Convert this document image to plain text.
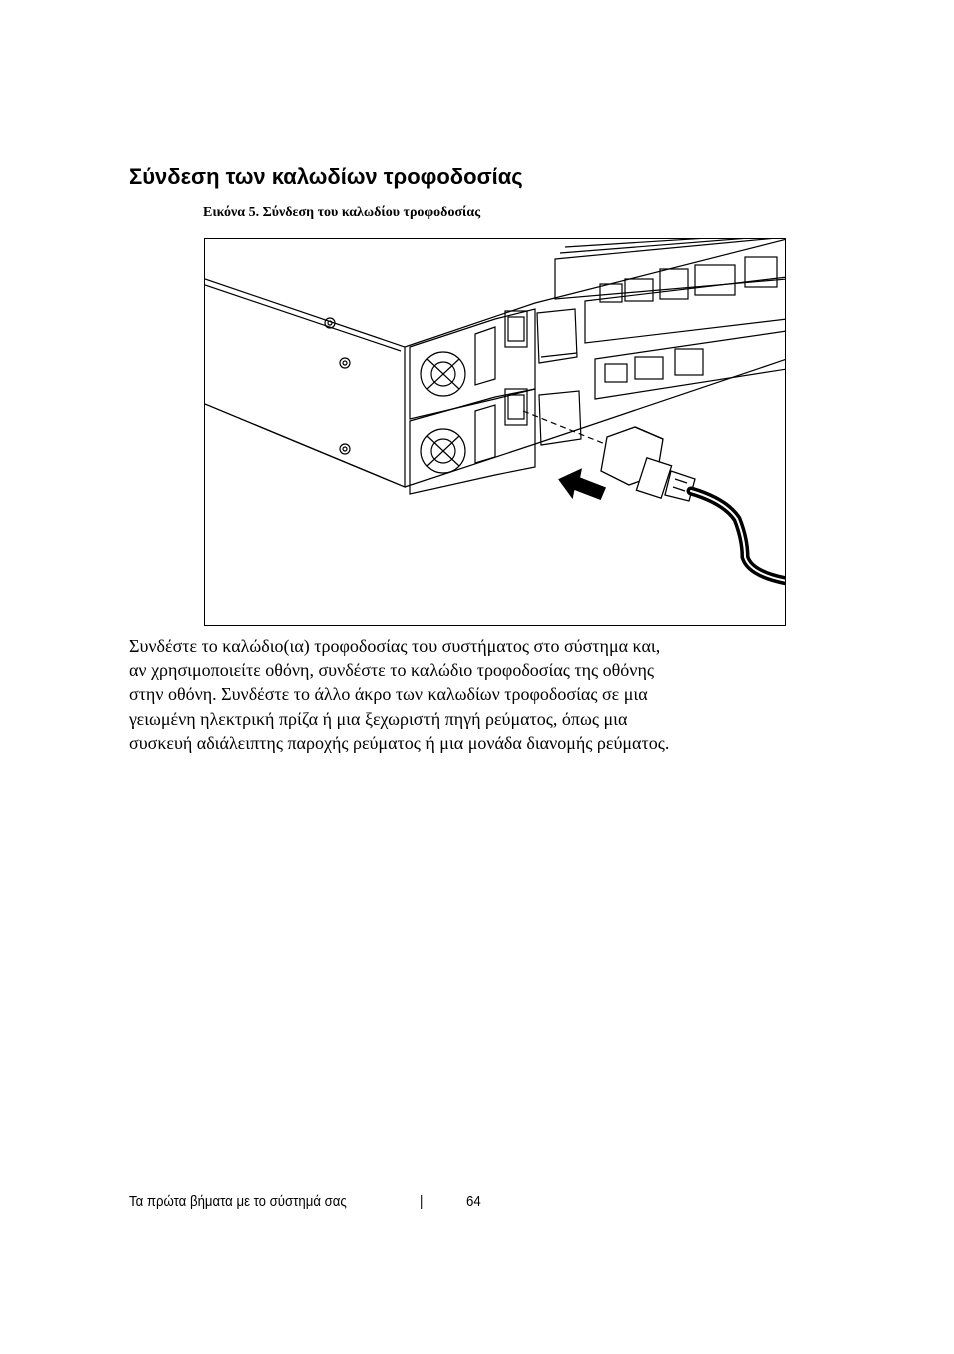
Σύνδεση των καλωδίων τροφοδοσίας
Εικόνα 5. Σύνδεση του καλωδίου τροφοδοσίας
Συνδέστε το καλώδιο(ια) τροφοδοσίας του συστήματος στο σύστημα και,
αν χρησιμοποιείτε οθόνη, συνδέστε το καλώδιο τροφοδοσίας της οθόνης
στην οθόνη. Συνδέστε το άλλο άκρο των καλωδίων τροφοδοσίας σε μια
γειωμένη ηλεκτρική πρίζα ή μια ξεχωριστή πηγή ρεύματος, όπως μια
συσκευή αδιάλειπτης παροχής ρεύματος ή μια μονάδα διανομής ρεύματος.
Τα πρώτα βήματα με το σύστημά σας	|	64
